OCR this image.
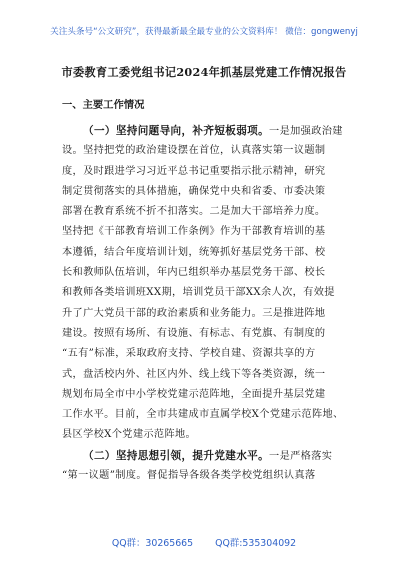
关注头条号“公文研究”，获得最新最全最专业的公文资料库！ 微信：gongwenyj
市委教育工委党组书记2024年抓基层党建工作情况报告
一、主要工作情况
（一）坚持问题导向，补齐短板弱项。一是加强政治建
设。坚持把党的政治建设摆在首位，认真落实第一议题制
度，及时跟进学习习近平总书记重要指示批示精神，研究
制定贯彻落实的具体措施，确保党中央和省委、市委决策
部署在教育系统不折不扣落实。二是加大干部培养力度。
坚持把《干部教育培训工作条例》作为干部教育培训的基
本遵循，结合年度培训计划，统筹抓好基层党务干部、校
长和教师队伍培训，年内已组织举办基层党务干部、校长
和教师各类培训班XX期，培训党员干部XX余人次，有效提
升了广大党员干部的政治素质和业务能力。三是推进阵地
建设。按照有场所、有设施、有标志、有党旗、有制度的
“五有”标准，采取政府支持、学校自建、资源共享的方
式，盘活校内外、社区内外、线上线下等各类资源，统一
规划布局全市中小学校党建示范阵地，全面提升基层党建
工作水平。目前，全市共建成市直属学校X个党建示范阵地、
县区学校X个党建示范阵地。
（二）坚持思想引领，提升党建水平。一是严格落实
“第一议题”制度。督促指导各级各类学校党组织认真落
QQ群：30265665 QQ群:535304092
